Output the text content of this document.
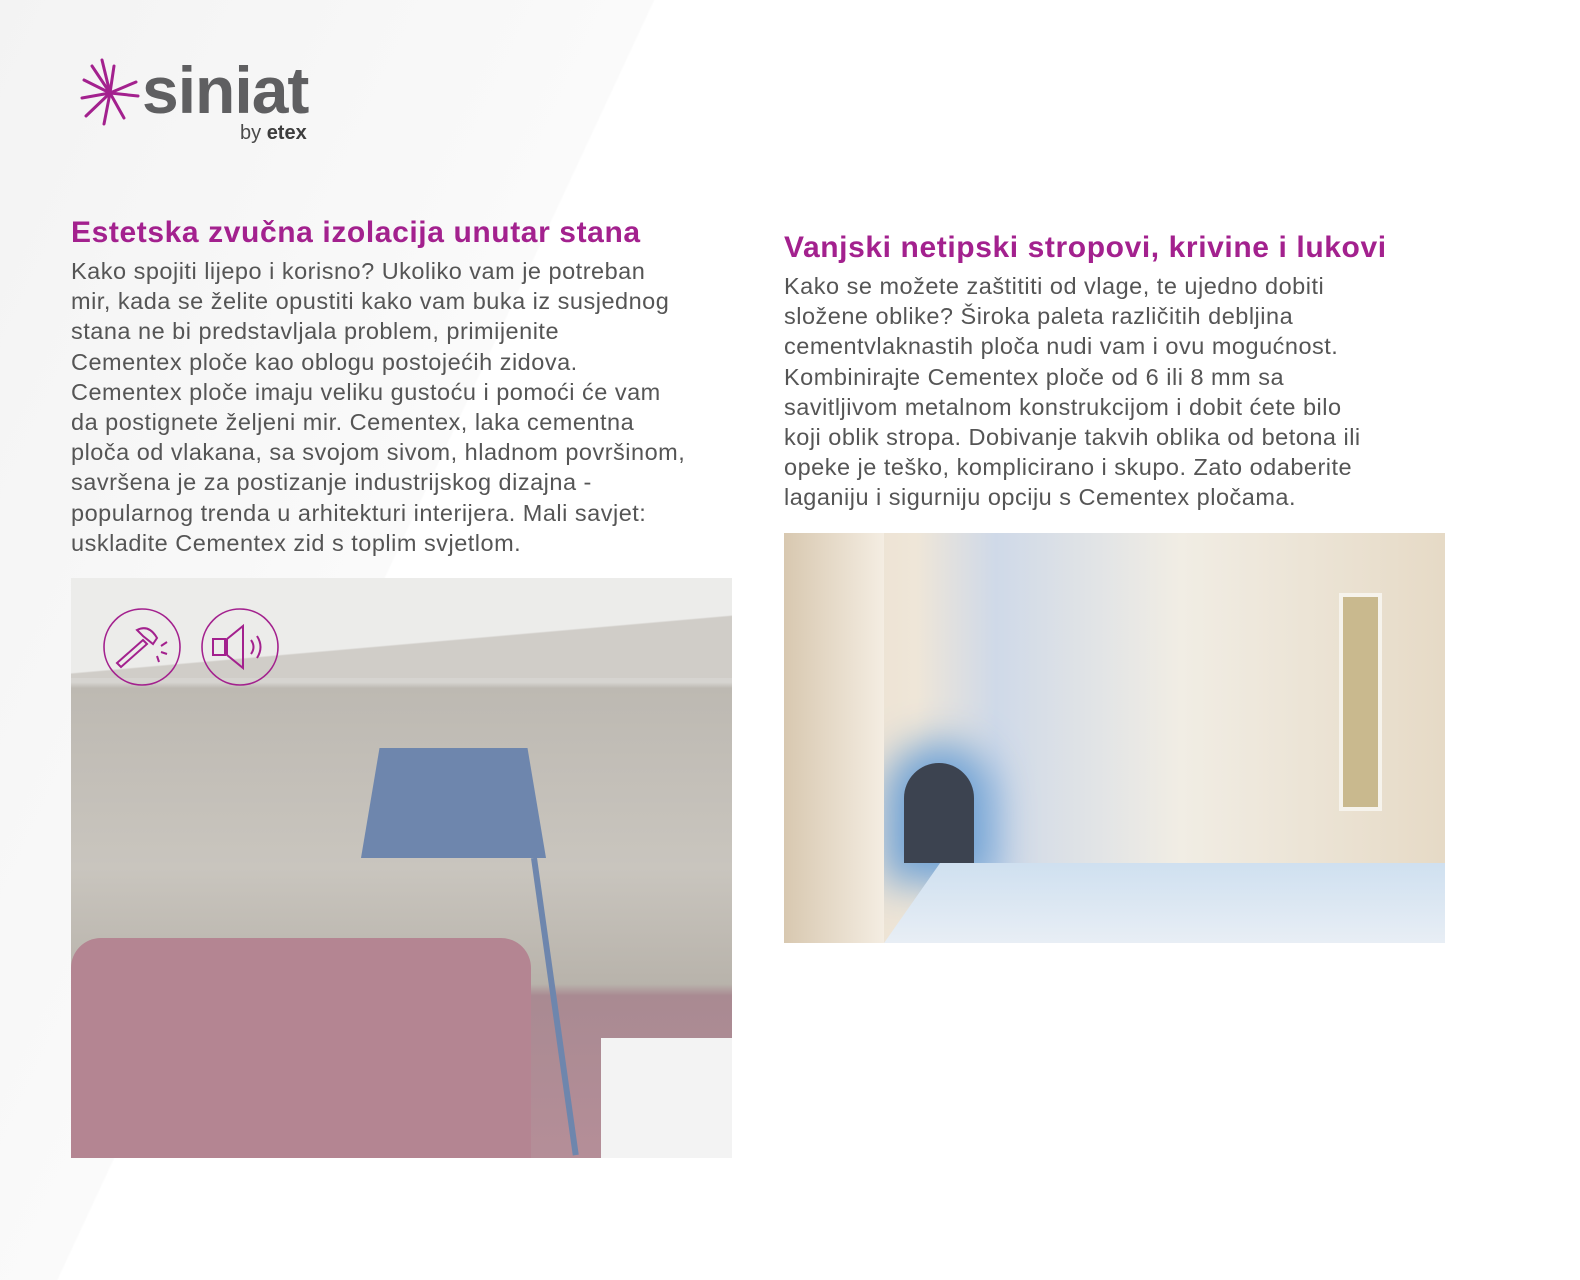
siniat
by etex
Estetska zvučna izolacija unutar stana

Kako spojiti lijepo i korisno? Ukoliko vam je potreban

mir, kada se želite opustiti kako vam buka iz susjednog

stana ne bi predstavljala problem, primijenite

Cementex ploče kao oblogu postojećih zidova.

Cementex ploče imaju veliku gustoću i pomoći će vam

da postignete željeni mir. Cementex, laka cementna

ploča od vlakana, sa svojom sivom, hladnom površinom,

savršena je za postizanje industrijskog dizajna -

popularnog trenda u arhitekturi interijera. Mali savjet:

uskladite Cementex zid s toplim svjetlom.

Vanjski netipski stropovi, krivine i lukovi

Kako se možete zaštititi od vlage, te ujedno dobiti

složene oblike? Široka paleta različitih debljina

cementvlaknastih ploča nudi vam i ovu mogućnost.

Kombinirajte Cementex ploče od 6 ili 8 mm sa

savitljivom metalnom konstrukcijom i dobit ćete bilo

koji oblik stropa. Dobivanje takvih oblika od betona ili

opeke je teško, komplicirano i skupo. Zato odaberite

laganiju i sigurniju opciju s Cementex pločama.
